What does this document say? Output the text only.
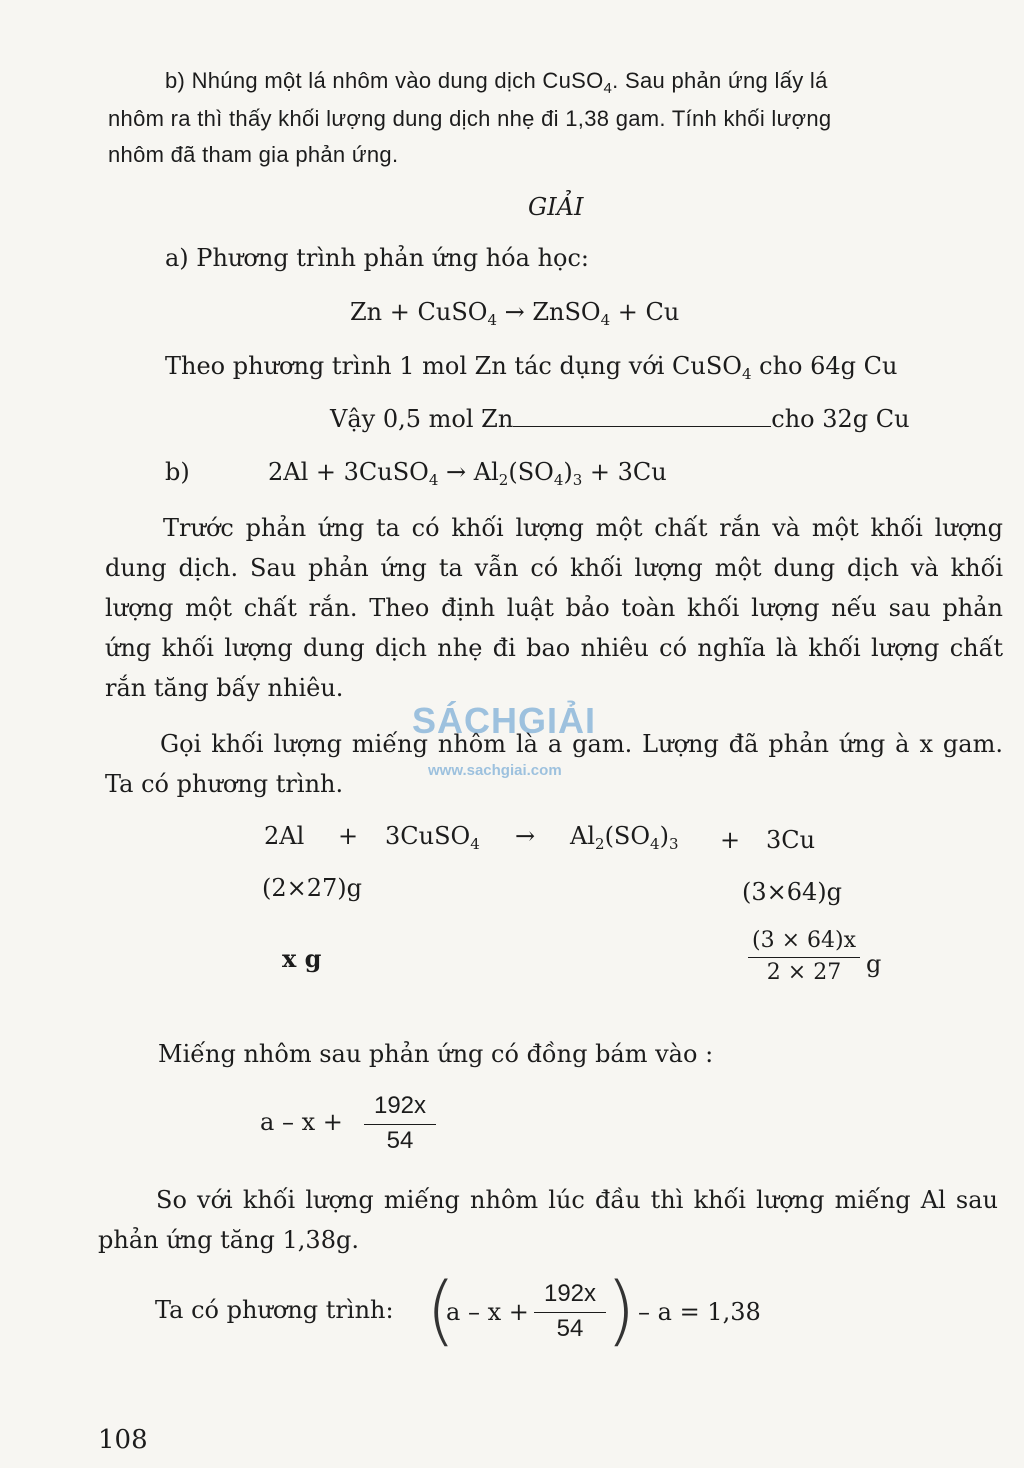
b) Nhúng một lá nhôm vào dung dịch CuSO$_4$. Sau phản ứng lấy lá
nhôm ra thì thấy khối lượng dung dịch nhẹ đi 1,38 gam. Tính khối lượng
nhôm đã tham gia phản ứng.
GIẢI
a) Phương trình phản ứng hóa học:
Zn + CuSO$_4$ → ZnSO$_4$ + Cu
Theo phương trình 1 mol Zn tác dụng với CuSO$_4$ cho 64g Cu
Vậy 0,5 mol Zn	cho 32g Cu
b)	2Al + 3CuSO$_4$ → $Al_2(SO_4)_3 + 3Cu$
Trước phản ứng ta có khối lượng một chất rắn và một khối lượng dung dịch. Sau phản ứng ta vẫn có khối lượng một dung dịch và khối lượng một chất rắn. Theo định luật bảo toàn khối lượng nếu sau phản ứng khối lượng dung dịch nhẹ đi bao nhiêu có nghĩa là khối lượng chất rắn tăng bấy nhiêu.
Gọi khối lượng miếng nhôm là a gam. Lượng đã phản ứng à x gam. Ta có phương trình.
SÁCHGIẢI
www.sachgiai.com
2Al + 3CuSO$_4$ → $Al_2(SO_4)_3 + 3Cu$
(2×27)g	(3×64)g
x g	$\frac{(3 \times 64)x}{2 \times 27}$ g
Miếng nhôm sau phản ứng có đồng bám vào :
$a - x + \frac{192x}{54}$
So với khối lượng miếng nhôm lúc đầu thì khối lượng miếng Al sau phản ứng tăng 1,38g.
Ta có phương trình: (
$a - x + \frac{192x}{54}$ ) – a = 1,38
108
